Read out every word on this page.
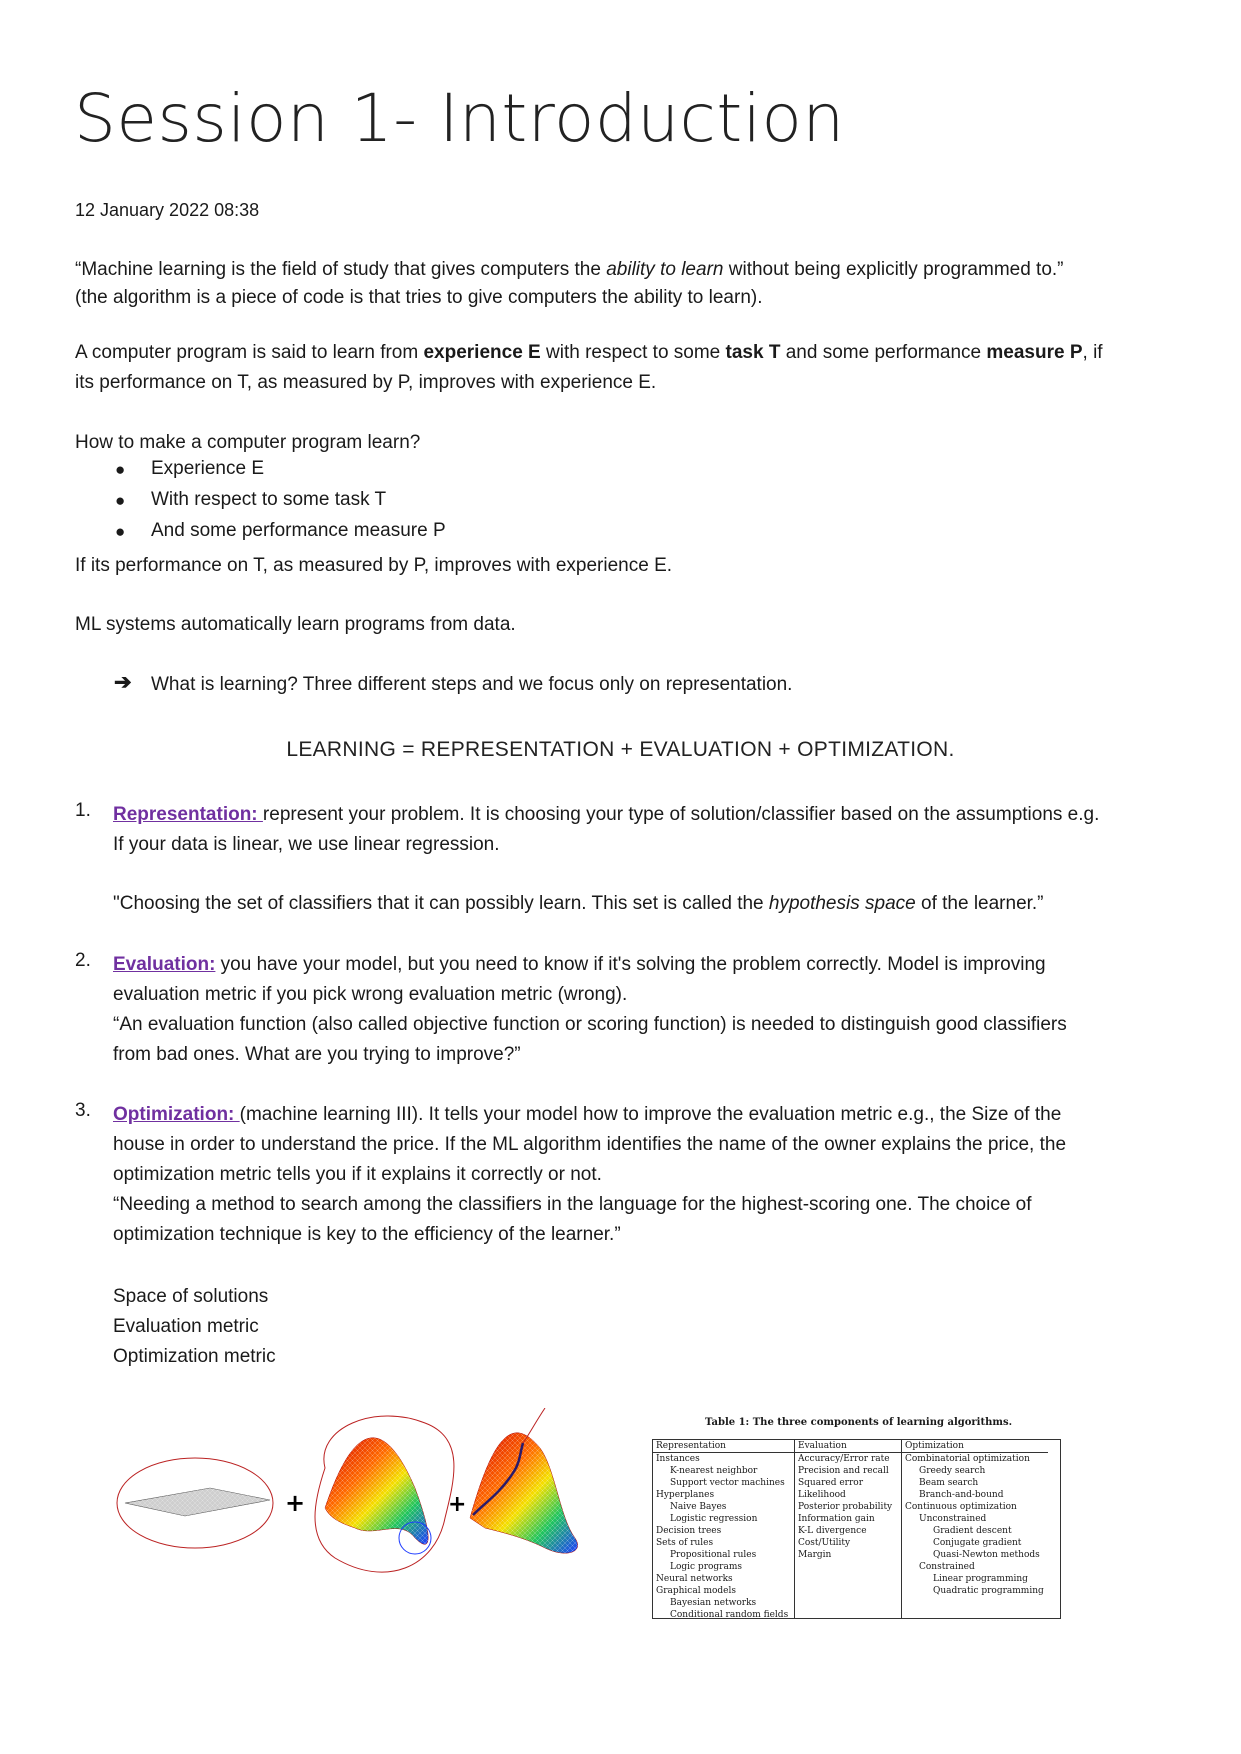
Session 1- Introduction
12 January 2022 08:38
“Machine learning is the field of study that gives computers the ability to learn without being explicitly programmed to.”
(the algorithm is a piece of code is that tries to give computers the ability to learn).
A computer program is said to learn from experience E with respect to some task T and some performance measure P, if
its performance on T, as measured by P, improves with experience E.
How to make a computer program learn?
● Experience E
● With respect to some task T
● And some performance measure P
If its performance on T, as measured by P, improves with experience E.
ML systems automatically learn programs from data.
➔ What is learning? Three different steps and we focus only on representation.
LEARNING = REPRESENTATION + EVALUATION + OPTIMIZATION.
1. Representation: represent your problem. It is choosing your type of solution/classifier based on the assumptions e.g.
If your data is linear, we use linear regression.
"Choosing the set of classifiers that it can possibly learn. This set is called the hypothesis space of the learner.”
2. Evaluation: you have your model, but you need to know if it's solving the problem correctly. Model is improving
evaluation metric if you pick wrong evaluation metric (wrong).
“An evaluation function (also called objective function or scoring function) is needed to distinguish good classifiers
from bad ones. What are you trying to improve?”
3. Optimization: (machine learning III). It tells your model how to improve the evaluation metric e.g., the Size of the
house in order to understand the price. If the ML algorithm identifies the name of the owner explains the price, the
optimization metric tells you if it explains it correctly or not.
“Needing a method to search among the classifiers in the language for the highest-scoring one. The choice of
optimization technique is key to the efficiency of the learner.”
Space of solutions
Evaluation metric
Optimization metric
+	+
Table 1: The three components of learning algorithms.
Representation
Instances
K-nearest neighbor
Support vector machines
Hyperplanes
Naive Bayes
Logistic regression
Decision trees
Sets of rules
Propositional rules
Logic programs
Neural networks
Graphical models
Bayesian networks
Conditional random fields
Evaluation
Accuracy/Error rate
Precision and recall
Squared error
Likelihood
Posterior probability
Information gain
K-L divergence
Cost/Utility
Margin
Optimization
Combinatorial optimization
Greedy search
Beam search
Branch-and-bound
Continuous optimization
Unconstrained
Gradient descent
Conjugate gradient
Quasi-Newton methods
Constrained
Linear programming
Quadratic programming
